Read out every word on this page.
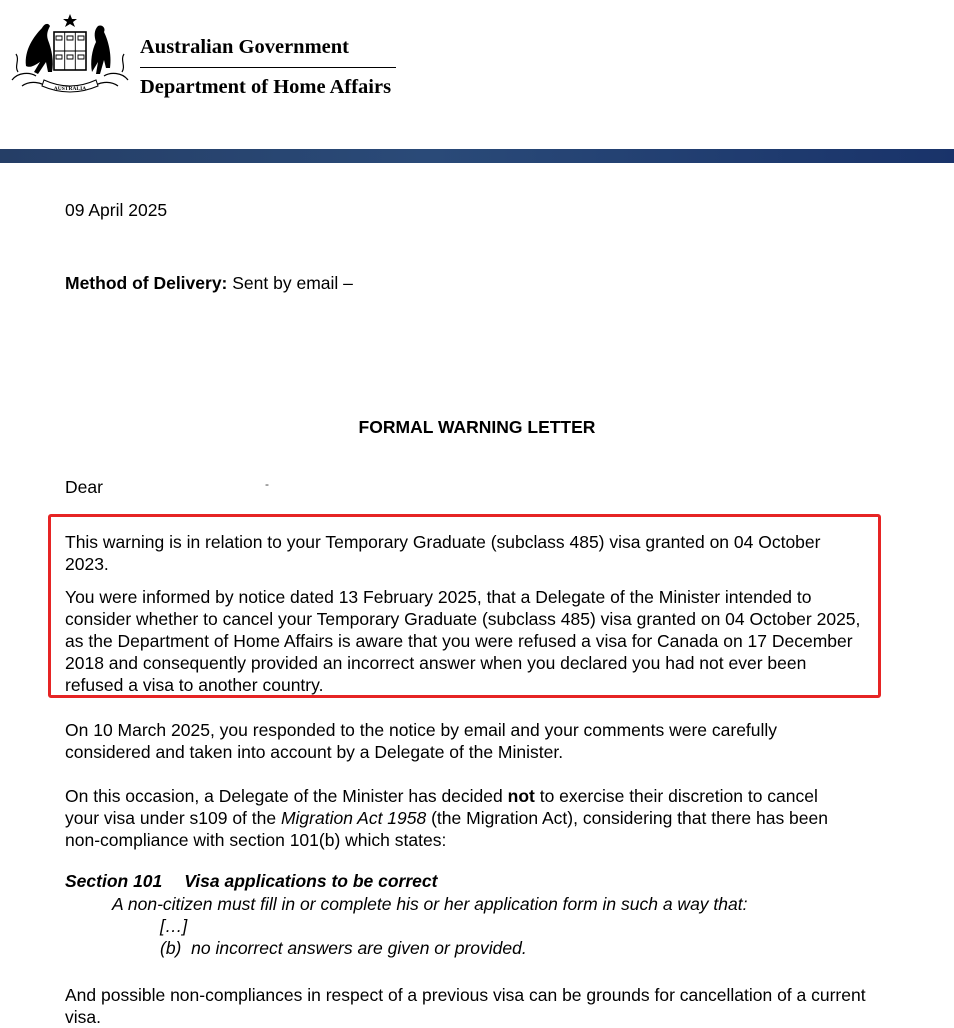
AUSTRALIA
Australian Government
Department of Home Affairs
09 April 2025
Method of Delivery: Sent by email –
FORMAL WARNING LETTER
Dear	-
This warning is in relation to your Temporary Graduate (subclass 485) visa granted on 04 October 2023.
You were informed by notice dated 13 February 2025, that a Delegate of the Minister intended to consider whether to cancel your Temporary Graduate (subclass 485) visa granted on 04 October 2025, as the Department of Home Affairs is aware that you were refused a visa for Canada on 17 December 2018 and consequently provided an incorrect answer when you declared you had not ever been refused a visa to another country.
On 10 March 2025, you responded to the notice by email and your comments were carefully considered and taken into account by a Delegate of the Minister.
On this occasion, a Delegate of the Minister has decided not to exercise their discretion to cancel your visa under s109 of the Migration Act 1958 (the Migration Act), considering that there has been non-compliance with section 101(b) which states:
Section 101 Visa applications to be correct
A non-citizen must fill in or complete his or her application form in such a way that:
[…]
(b) no incorrect answers are given or provided.
And possible non-compliances in respect of a previous visa can be grounds for cancellation of a current visa.
